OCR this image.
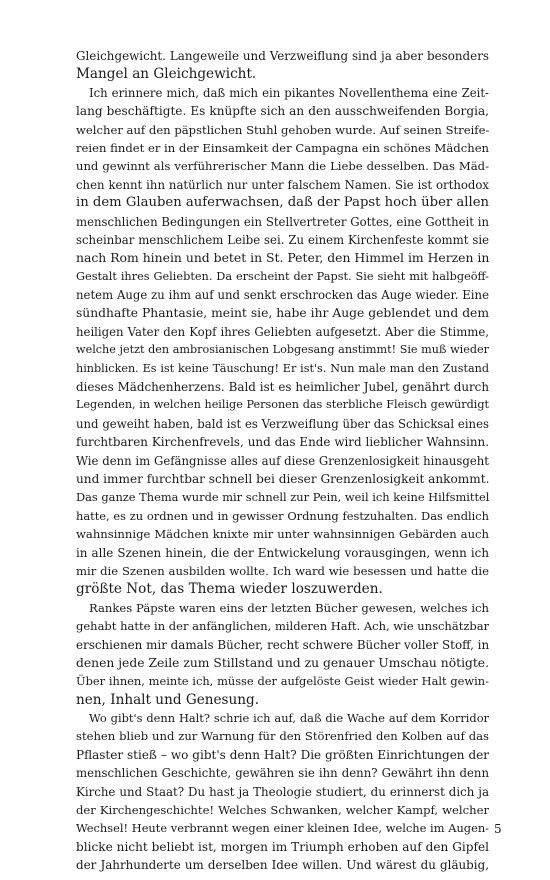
Gleichgewicht. Langeweile und Verzweiflung sind ja aber besonders
Mangel an Gleichgewicht.
Ich erinnere mich, daß mich ein pikantes Novellenthema eine Zeit-
lang beschäftigte. Es knüpfte sich an den ausschweifenden Borgia,
welcher auf den päpstlichen Stuhl gehoben wurde. Auf seinen Streife-
reien findet er in der Einsamkeit der Campagna ein schönes Mädchen
und gewinnt als verführerischer Mann die Liebe desselben. Das Mäd-
chen kennt ihn natürlich nur unter falschem Namen. Sie ist orthodox
in dem Glauben auferwachsen, daß der Papst hoch über allen
menschlichen Bedingungen ein Stellvertreter Gottes, eine Gottheit in
scheinbar menschlichem Leibe sei. Zu einem Kirchenfeste kommt sie
nach Rom hinein und betet in St. Peter, den Himmel im Herzen in
Gestalt ihres Geliebten. Da erscheint der Papst. Sie sieht mit halbgeöff-
netem Auge zu ihm auf und senkt erschrocken das Auge wieder. Eine
sündhafte Phantasie, meint sie, habe ihr Auge geblendet und dem
heiligen Vater den Kopf ihres Geliebten aufgesetzt. Aber die Stimme,
welche jetzt den ambrosianischen Lobgesang anstimmt! Sie muß wieder
hinblicken. Es ist keine Täuschung! Er ist's. Nun male man den Zustand
dieses Mädchenherzens. Bald ist es heimlicher Jubel, genährt durch
Legenden, in welchen heilige Personen das sterbliche Fleisch gewürdigt
und geweiht haben, bald ist es Verzweiflung über das Schicksal eines
furchtbaren Kirchenfrevels, und das Ende wird lieblicher Wahnsinn.
Wie denn im Gefängnisse alles auf diese Grenzenlosigkeit hinausgeht
und immer furchtbar schnell bei dieser Grenzenlosigkeit ankommt.
Das ganze Thema wurde mir schnell zur Pein, weil ich keine Hilfsmittel
hatte, es zu ordnen und in gewisser Ordnung festzuhalten. Das endlich
wahnsinnige Mädchen knixte mir unter wahnsinnigen Gebärden auch
in alle Szenen hinein, die der Entwickelung vorausgingen, wenn ich
mir die Szenen ausbilden wollte. Ich ward wie besessen und hatte die
größte Not, das Thema wieder loszuwerden.
Rankes Päpste waren eins der letzten Bücher gewesen, welches ich
gehabt hatte in der anfänglichen, milderen Haft. Ach, wie unschätzbar
erschienen mir damals Bücher, recht schwere Bücher voller Stoff, in
denen jede Zeile zum Stillstand und zu genauer Umschau nötigte.
Über ihnen, meinte ich, müsse der aufgelöste Geist wieder Halt gewin-
nen, Inhalt und Genesung.
Wo gibt's denn Halt? schrie ich auf, daß die Wache auf dem Korridor
stehen blieb und zur Warnung für den Störenfried den Kolben auf das
Pflaster stieß – wo gibt's denn Halt? Die größten Einrichtungen der
menschlichen Geschichte, gewähren sie ihn denn? Gewährt ihn denn
Kirche und Staat? Du hast ja Theologie studiert, du erinnerst dich ja
der Kirchengeschichte! Welches Schwanken, welcher Kampf, welcher
Wechsel! Heute verbrannt wegen einer kleinen Idee, welche im Augen-
blicke nicht beliebt ist, morgen im Triumph erhoben auf den Gipfel
der Jahrhunderte um derselben Idee willen. Und wärest du gläubig,
5
